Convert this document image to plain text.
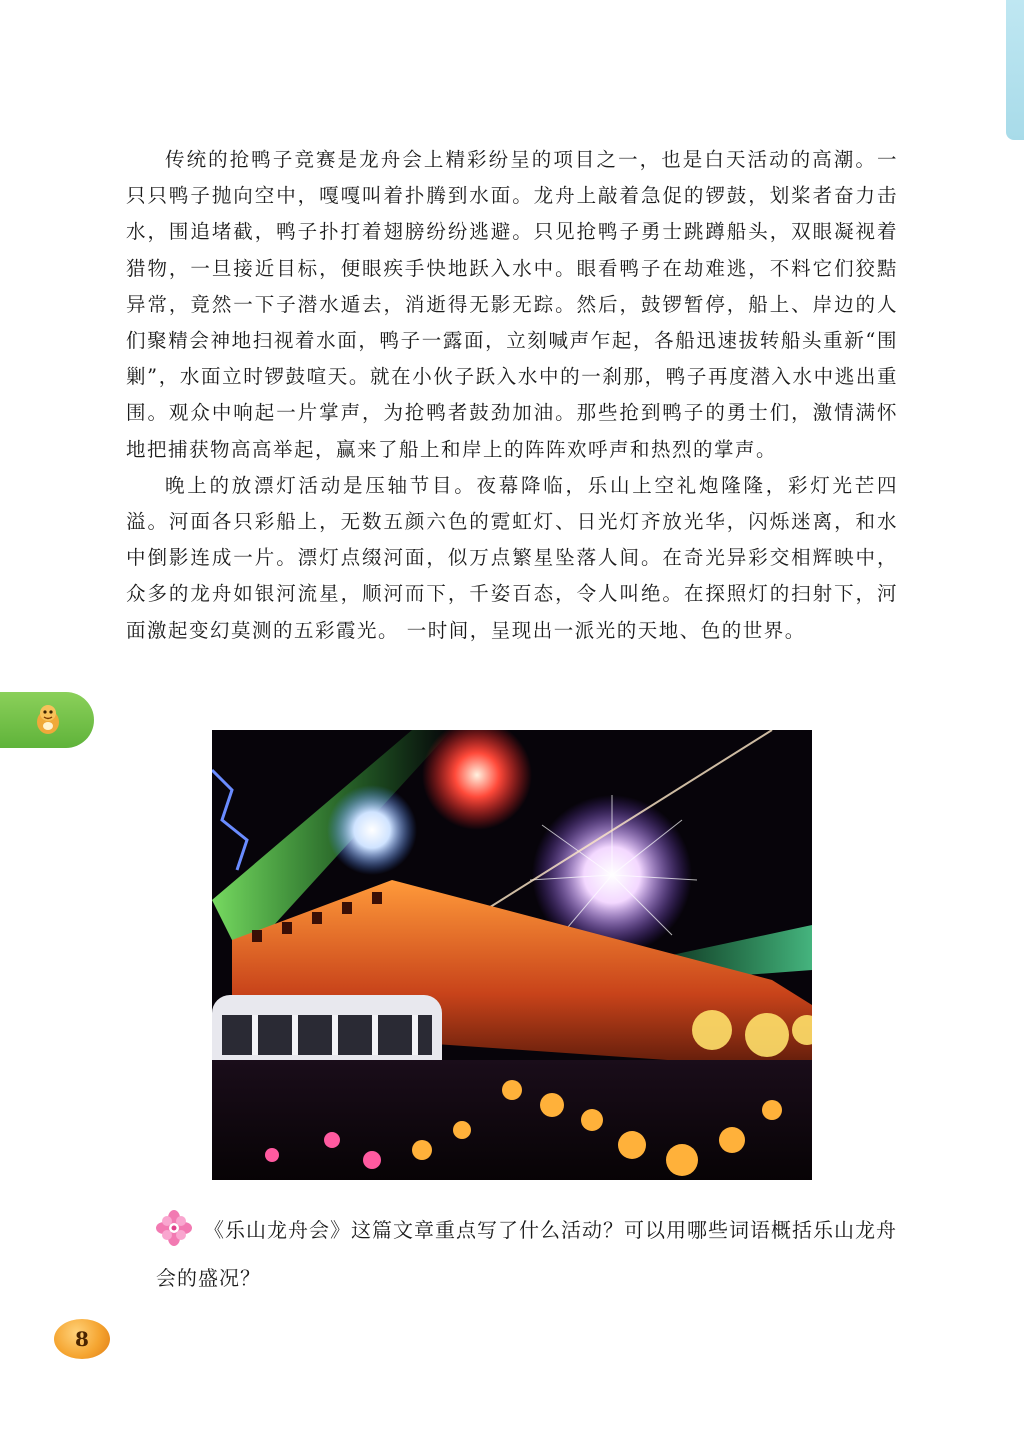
传统的抢鸭子竞赛是龙舟会上精彩纷呈的项目之一，也是白天活动的高潮。一只只鸭子抛向空中，嘎嘎叫着扑腾到水面。龙舟上敲着急促的锣鼓，划桨者奋力击水，围追堵截，鸭子扑打着翅膀纷纷逃避。只见抢鸭子勇士跳蹲船头，双眼凝视着猎物，一旦接近目标，便眼疾手快地跃入水中。眼看鸭子在劫难逃，不料它们狡黠异常，竟然一下子潜水遁去，消逝得无影无踪。然后，鼓锣暂停，船上、岸边的人们聚精会神地扫视着水面，鸭子一露面，立刻喊声乍起，各船迅速拔转船头重新“围剿”，水面立时锣鼓喧天。就在小伙子跃入水中的一刹那，鸭子再度潜入水中逃出重围。观众中响起一片掌声，为抢鸭者鼓劲加油。那些抢到鸭子的勇士们，激情满怀地把捕获物高高举起，赢来了船上和岸上的阵阵欢呼声和热烈的掌声。

晚上的放漂灯活动是压轴节目。夜幕降临，乐山上空礼炮隆隆，彩灯光芒四溢。河面各只彩船上，无数五颜六色的霓虹灯、日光灯齐放光华，闪烁迷离，和水中倒影连成一片。漂灯点缀河面，似万点繁星坠落人间。在奇光异彩交相辉映中，众多的龙舟如银河流星，顺河而下，千姿百态，令人叫绝。在探照灯的扫射下，河面激起变幻莫测的五彩霞光。 一时间，呈现出一派光的天地、色的世界。

《乐山龙舟会》这篇文章重点写了什么活动？可以用哪些词语概括乐山龙舟会的盛况？
8
